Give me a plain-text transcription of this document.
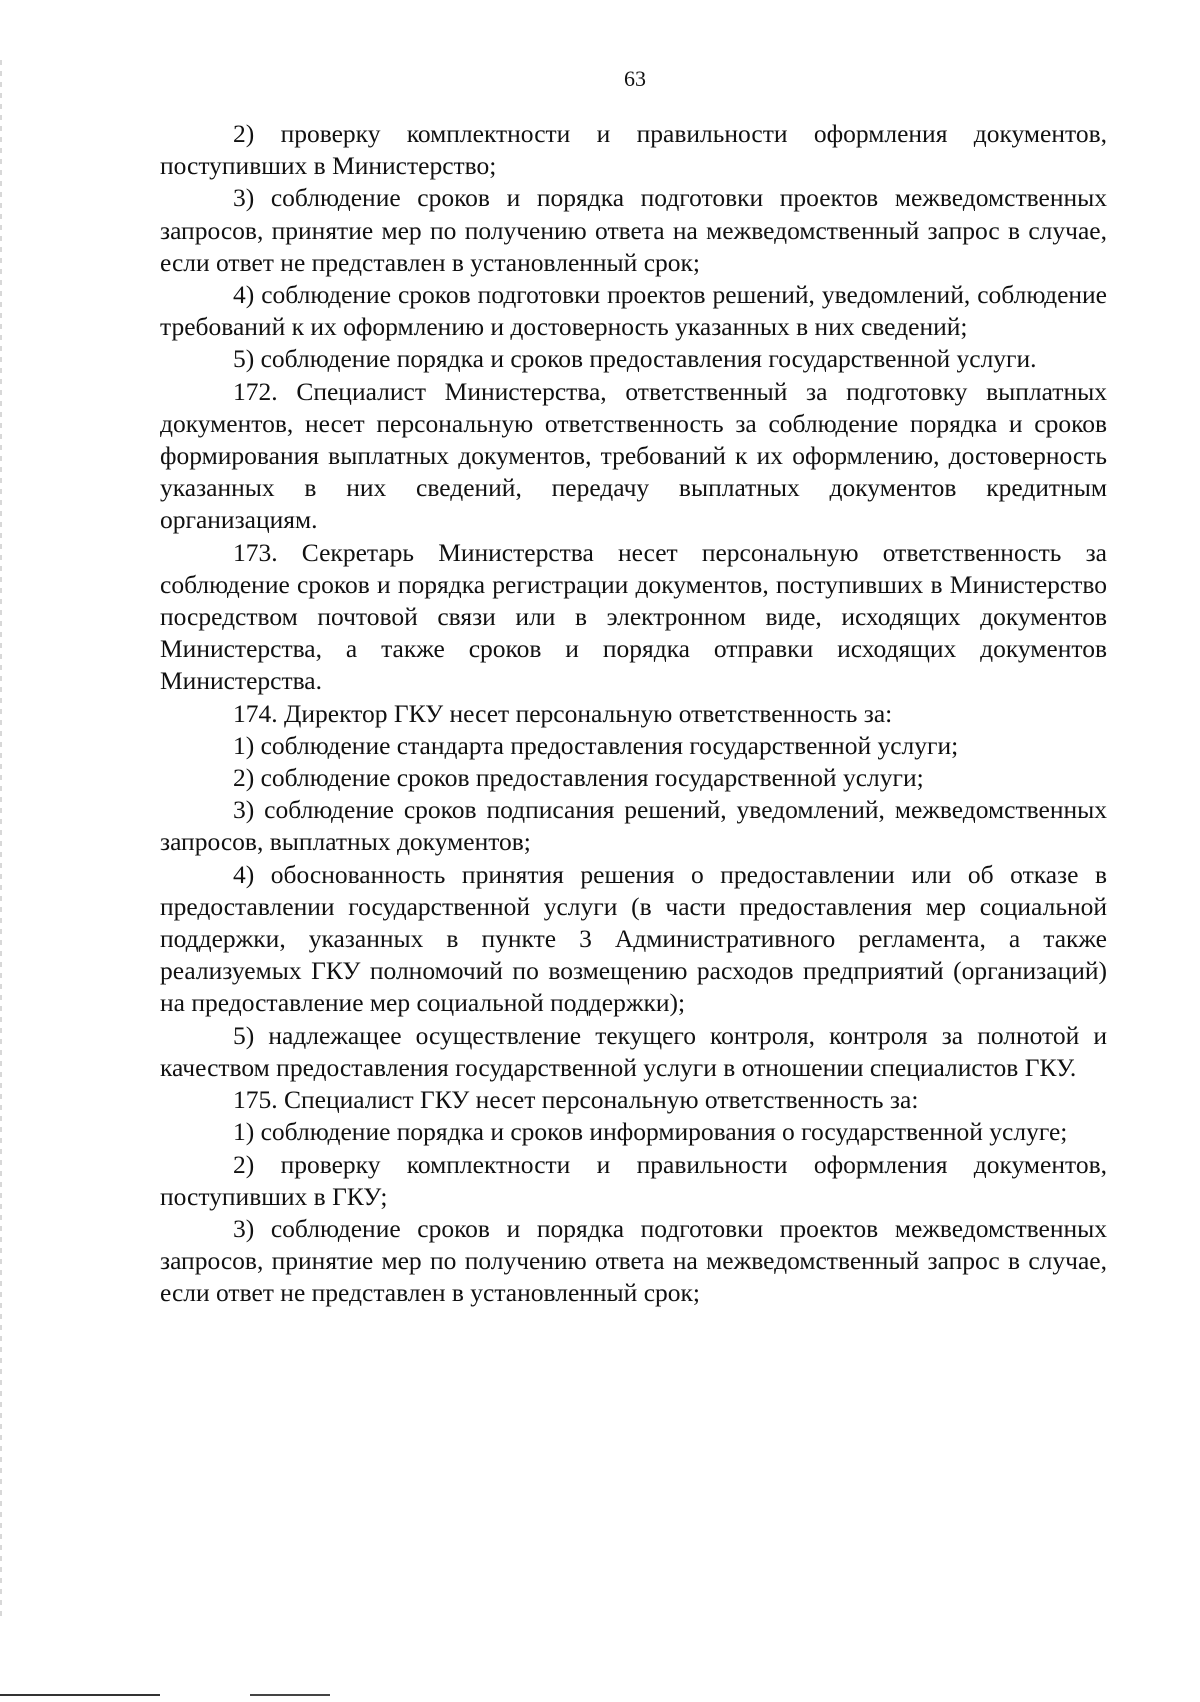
63

2) проверку комплектности и правильности оформления документов, поступивших в Министерство;

3) соблюдение сроков и порядка подготовки проектов межведомственных запросов, принятие мер по получению ответа на межведомственный запрос в случае, если ответ не представлен в установленный срок;

4) соблюдение сроков подготовки проектов решений, уведомлений, соблюдение требований к их оформлению и достоверность указанных в них сведений;

5) соблюдение порядка и сроков предоставления государственной услуги.

172. Специалист Министерства, ответственный за подготовку выплатных документов, несет персональную ответственность за соблюдение порядка и сроков формирования выплатных документов, требований к их оформлению, достоверность указанных в них сведений, передачу выплатных документов кредитным организациям.

173. Секретарь Министерства несет персональную ответственность за соблюдение сроков и порядка регистрации документов, поступивших в Министерство посредством почтовой связи или в электронном виде, исходящих документов Министерства, а также сроков и порядка отправки исходящих документов Министерства.

174. Директор ГКУ несет персональную ответственность за:

1) соблюдение стандарта предоставления государственной услуги;

2) соблюдение сроков предоставления государственной услуги;

3) соблюдение сроков подписания решений, уведомлений, межведомственных запросов, выплатных документов;

4) обоснованность принятия решения о предоставлении или об отказе в предоставлении государственной услуги (в части предоставления мер социальной поддержки, указанных в пункте 3 Административного регламента, а также реализуемых ГКУ полномочий по возмещению расходов предприятий (организаций) на предоставление мер социальной поддержки);

5) надлежащее осуществление текущего контроля, контроля за полнотой и качеством предоставления государственной услуги в отношении специалистов ГКУ.

175. Специалист ГКУ несет персональную ответственность за:

1) соблюдение порядка и сроков информирования о государственной услуге;

2) проверку комплектности и правильности оформления документов, поступивших в ГКУ;

3) соблюдение сроков и порядка подготовки проектов межведомственных запросов, принятие мер по получению ответа на межведомственный запрос в случае, если ответ не представлен в установленный срок;
